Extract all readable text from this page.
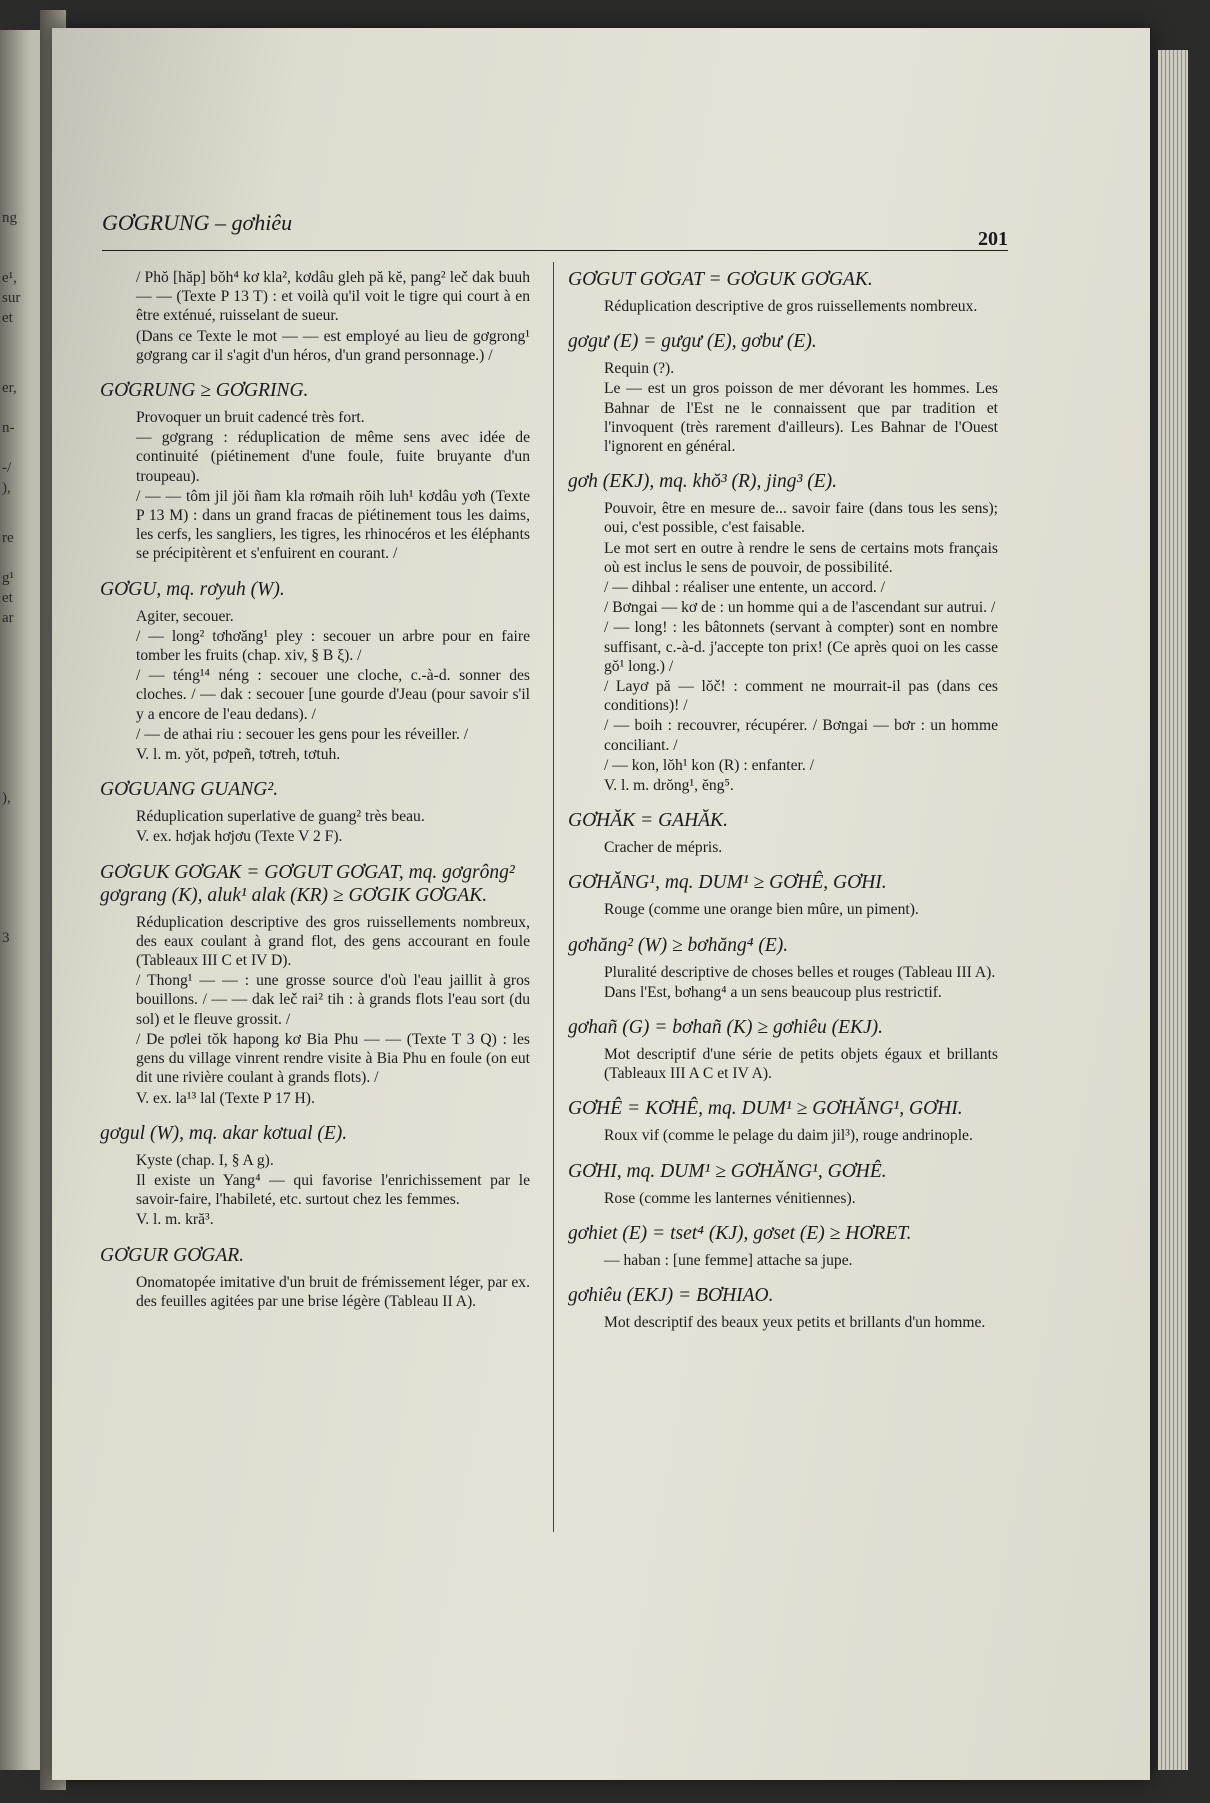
ng
e¹,
sur
et
er,
n-
-/
),
re
g¹
et
ar
),
3
GƠGRUNG – gơhiêu
201
/ Phŏ [hăp] bŏh⁴ kơ kla², kơdâu gleh pă kĕ, pang² leč dak buuh — — (Texte P 13 T) : et voilà qu'il voit le tigre qui court à en être exténué, ruisselant de sueur.
(Dans ce Texte le mot — — est employé au lieu de gơgrong¹ gơgrang car il s'agit d'un héros, d'un grand personnage.) /
GƠGRUNG ≥ GƠGRING.
Provoquer un bruit cadencé très fort.
— gơgrang : réduplication de même sens avec idée de continuité (piétinement d'une foule, fuite bruyante d'un troupeau).
/ — — tôm jil jŏi ñam kla rơmaih rŏih luh¹ kơdâu yơh (Texte P 13 M) : dans un grand fracas de piétinement tous les daims, les cerfs, les sangliers, les tigres, les rhinocéros et les éléphants se précipitèrent et s'enfuirent en courant. /
GƠGU, mq. rơyuh (W).
Agiter, secouer.
/ — long² tơhơăng¹ pley : secouer un arbre pour en faire tomber les fruits (chap. xiv, § B ξ). /
/ — téng¹⁴ néng : secouer une cloche, c.-à-d. sonner des cloches. / — dak : secouer [une gourde d'Jeau (pour savoir s'il y a encore de l'eau dedans). /
/ — de athai riu : secouer les gens pour les réveiller. /
V. l. m. yŏt, pơpeñ, tơtreh, tơtuh.
GƠGUANG GUANG².
Réduplication superlative de guang² très beau.
V. ex. hơjak hơjơu (Texte V 2 F).
GƠGUK GƠGAK = GƠGUT GƠGAT, mq. gơgrông² gơgrang (K), aluk¹ alak (KR) ≥ GƠGIK GƠGAK.
Réduplication descriptive des gros ruissellements nombreux, des eaux coulant à grand flot, des gens accourant en foule (Tableaux III C et IV D).
/ Thong¹ — — : une grosse source d'où l'eau jaillit à gros bouillons. / — — dak leč rai² tih : à grands flots l'eau sort (du sol) et le fleuve grossit. /
/ De pơlei tŏk hapong kơ Bia Phu — — (Texte T 3 Q) : les gens du village vinrent rendre visite à Bia Phu en foule (on eut dit une rivière coulant à grands flots). /
V. ex. la¹³ lal (Texte P 17 H).
gơgul (W), mq. akar kơtual (E).
Kyste (chap. I, § A g).
Il existe un Yang⁴ — qui favorise l'enrichissement par le savoir-faire, l'habileté, etc. surtout chez les femmes.
V. l. m. kră³.
GƠGUR GƠGAR.
Onomatopée imitative d'un bruit de frémissement léger, par ex. des feuilles agitées par une brise légère (Tableau II A).
GƠGUT GƠGAT = GƠGUK GƠGAK.
Réduplication descriptive de gros ruissellements nombreux.
gơgư (E) = gưgư (E), gơbư (E).
Requin (?).
Le — est un gros poisson de mer dévorant les hommes. Les Bahnar de l'Est ne le connaissent que par tradition et l'invoquent (très rarement d'ailleurs). Les Bahnar de l'Ouest l'ignorent en général.
gơh (EKJ), mq. khŏ³ (R), jing³ (E).
Pouvoir, être en mesure de... savoir faire (dans tous les sens); oui, c'est possible, c'est faisable.
Le mot sert en outre à rendre le sens de certains mots français où est inclus le sens de pouvoir, de possibilité.
/ — dihbal : réaliser une entente, un accord. /
/ Bơngai — kơ de : un homme qui a de l'ascendant sur autrui. /
/ — long! : les bâtonnets (servant à compter) sont en nombre suffisant, c.-à-d. j'accepte ton prix! (Ce après quoi on les casse gŏ¹ long.) /
/ Layơ pă — lŏč! : comment ne mourrait-il pas (dans ces conditions)! /
/ — boih : recouvrer, récupérer. / Bơngai — bơr : un homme conciliant. /
/ — kon, lŏh¹ kon (R) : enfanter. /
V. l. m. drŏng¹, ĕng⁵.
GƠHĂK = GAHĂK.
Cracher de mépris.
GƠHĂNG¹, mq. DUM¹ ≥ GƠHÊ, GƠHI.
Rouge (comme une orange bien mûre, un piment).
gơhăng² (W) ≥ bơhăng⁴ (E).
Pluralité descriptive de choses belles et rouges (Tableau III A).
Dans l'Est, bơhang⁴ a un sens beaucoup plus restrictif.
gơhañ (G) = bơhañ (K) ≥ gơhiêu (EKJ).
Mot descriptif d'une série de petits objets égaux et brillants (Tableaux III A C et IV A).
GƠHÊ = KƠHÊ, mq. DUM¹ ≥ GƠHĂNG¹, GƠHI.
Roux vif (comme le pelage du daim jil³), rouge andrinople.
GƠHI, mq. DUM¹ ≥ GƠHĂNG¹, GƠHÊ.
Rose (comme les lanternes vénitiennes).
gơhiet (E) = tset⁴ (KJ), gơset (E) ≥ HƠRET.
— haban : [une femme] attache sa jupe.
gơhiêu (EKJ) = BƠHIAO.
Mot descriptif des beaux yeux petits et brillants d'un homme.
